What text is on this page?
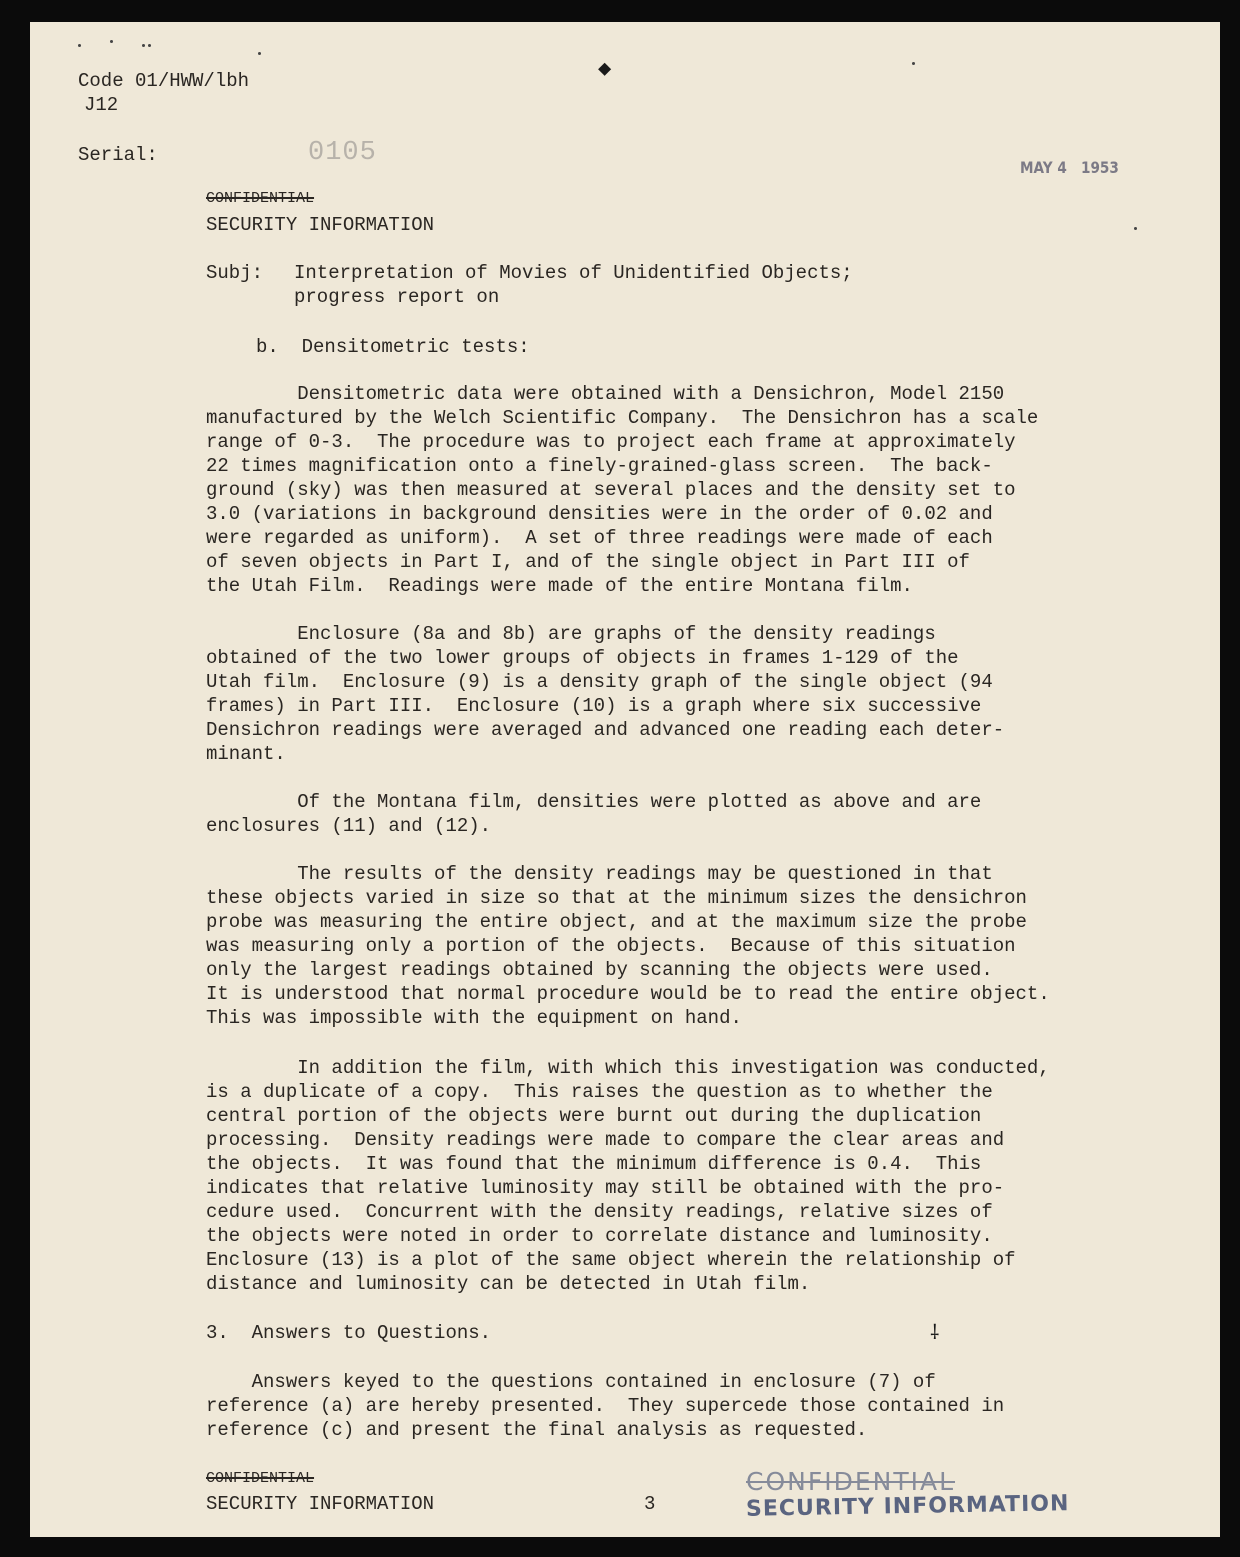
◆
Code 01/HWW/lbh
J12
Serial:	0105	MAY 4   1953
CONFIDENTIAL
SECURITY INFORMATION
Subj: Interpretation of Movies of Unidentified Objects;
progress report on
b.  Densitometric tests:

Densitometric data were obtained with a Densichron, Model 2150
manufactured by the Welch Scientific Company.  The Densichron has a scale
range of 0-3.  The procedure was to project each frame at approximately
22 times magnification onto a finely-grained-glass screen.  The back-
ground (sky) was then measured at several places and the density set to
3.0 (variations in background densities were in the order of 0.02 and
were regarded as uniform).  A set of three readings were made of each
of seven objects in Part I, and of the single object in Part III of
the Utah Film.  Readings were made of the entire Montana film.

Enclosure (8a and 8b) are graphs of the density readings
obtained of the two lower groups of objects in frames 1-129 of the
Utah film.  Enclosure (9) is a density graph of the single object (94
frames) in Part III.  Enclosure (10) is a graph where six successive
Densichron readings were averaged and advanced one reading each deter-
minant.

Of the Montana film, densities were plotted as above and are
enclosures (11) and (12).

The results of the density readings may be questioned in that
these objects varied in size so that at the minimum sizes the densichron
probe was measuring the entire object, and at the maximum size the probe
was measuring only a portion of the objects.  Because of this situation
only the largest readings obtained by scanning the objects were used.
It is understood that normal procedure would be to read the entire object.
This was impossible with the equipment on hand.

In addition the film, with which this investigation was conducted,
is a duplicate of a copy.  This raises the question as to whether the
central portion of the objects were burnt out during the duplication
processing.  Density readings were made to compare the clear areas and
the objects.  It was found that the minimum difference is 0.4.  This
indicates that relative luminosity may still be obtained with the pro-
cedure used.  Concurrent with the density readings, relative sizes of
the objects were noted in order to correlate distance and luminosity.
Enclosure (13) is a plot of the same object wherein the relationship of
distance and luminosity can be detected in Utah film.

3.  Answers to Questions.	⸸

Answers keyed to the questions contained in enclosure (7) of
reference (a) are hereby presented.  They supercede those contained in
reference (c) and present the final analysis as requested.

CONFIDENTIAL
SECURITY INFORMATION	3
CONFIDENTIAL
SECURITY INFORMATION
